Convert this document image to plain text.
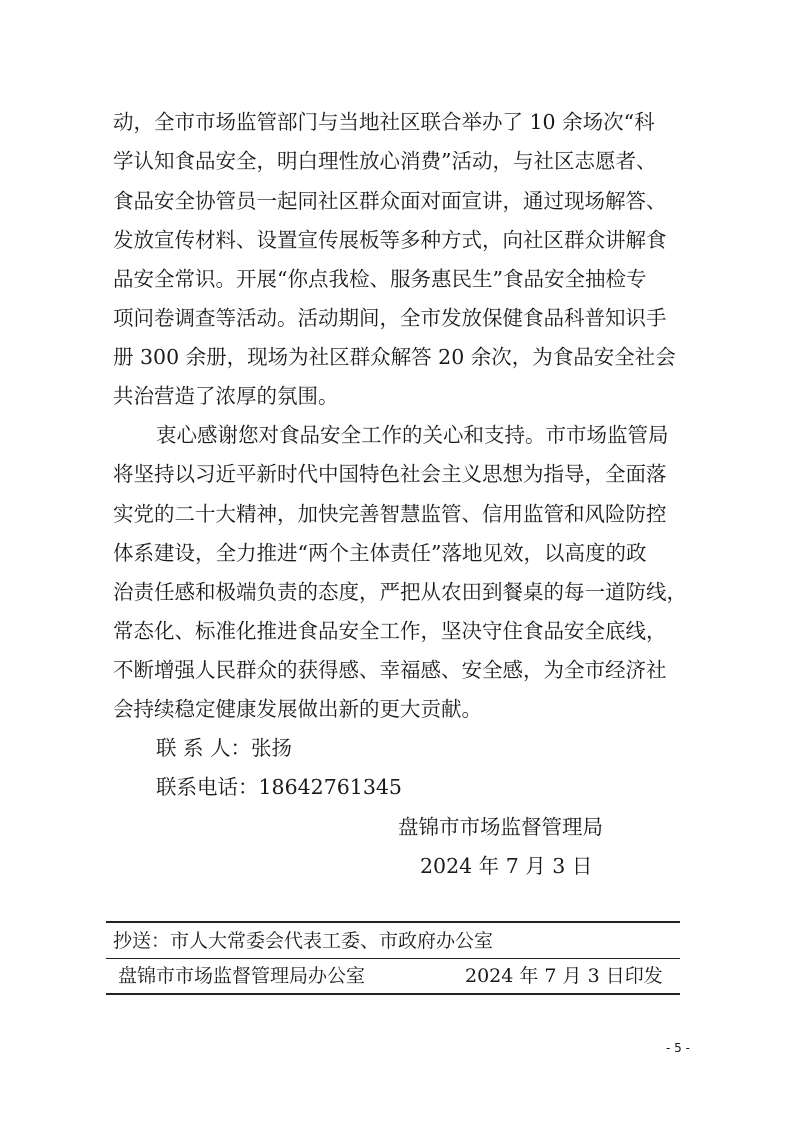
动，全市市场监管部门与当地社区联合举办了 10 余场次“科
学认知食品安全，明白理性放心消费”活动，与社区志愿者、
食品安全协管员一起同社区群众面对面宣讲，通过现场解答、
发放宣传材料、设置宣传展板等多种方式，向社区群众讲解食
品安全常识。开展“你点我检、服务惠民生”食品安全抽检专
项问卷调查等活动。活动期间，全市发放保健食品科普知识手
册 300 余册，现场为社区群众解答 20 余次，为食品安全社会
共治营造了浓厚的氛围。
衷心感谢您对食品安全工作的关心和支持。市市场监管局
将坚持以习近平新时代中国特色社会主义思想为指导，全面落
实党的二十大精神，加快完善智慧监管、信用监管和风险防控
体系建设，全力推进“两个主体责任”落地见效，以高度的政
治责任感和极端负责的态度，严把从农田到餐桌的每一道防线，
常态化、标准化推进食品安全工作，坚决守住食品安全底线，
不断增强人民群众的获得感、幸福感、安全感，为全市经济社
会持续稳定健康发展做出新的更大贡献。
联 系 人：张扬
联系电话：18642761345
盘锦市市场监督管理局
2024 年 7 月 3 日
抄送：市人大常委会代表工委、市政府办公室
盘锦市市场监督管理局办公室	2024 年 7 月 3 日印发
- 5 -
